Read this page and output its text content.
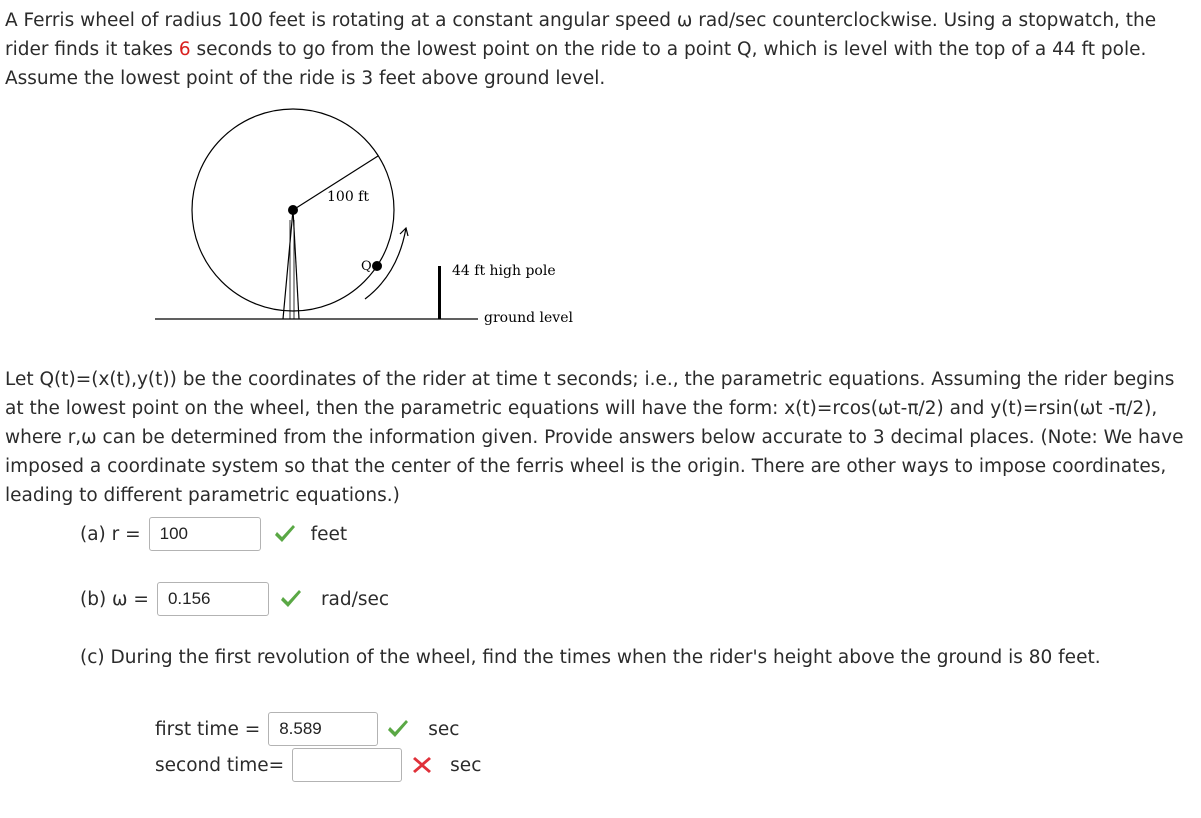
A Ferris wheel of radius 100 feet is rotating at a constant angular speed ω rad/sec counterclockwise. Using a stopwatch, the rider finds it takes 6 seconds to go from the lowest point on the ride to a point Q, which is level with the top of a 44 ft pole. Assume the lowest point of the ride is 3 feet above ground level.

100 ft
Q	44 ft high pole
ground level

Let Q(t)=(x(t),y(t)) be the coordinates of the rider at time t seconds; i.e., the parametric equations. Assuming the rider begins at the lowest point on the wheel, then the parametric equations will have the form: x(t)=rcos(ωt-π/2) and y(t)=rsin(ωt -π/2), where r,ω can be determined from the information given. Provide answers below accurate to 3 decimal places. (Note: We have imposed a coordinate system so that the center of the ferris wheel is the origin. There are other ways to impose coordinates, leading to different parametric equations.)

(a) r =	100	feet
(b) ω =	0.156	rad/sec
(c) During the first revolution of the wheel, find the times when the rider's height above the ground is 80 feet.
first time =	8.589	sec
second time=	sec
